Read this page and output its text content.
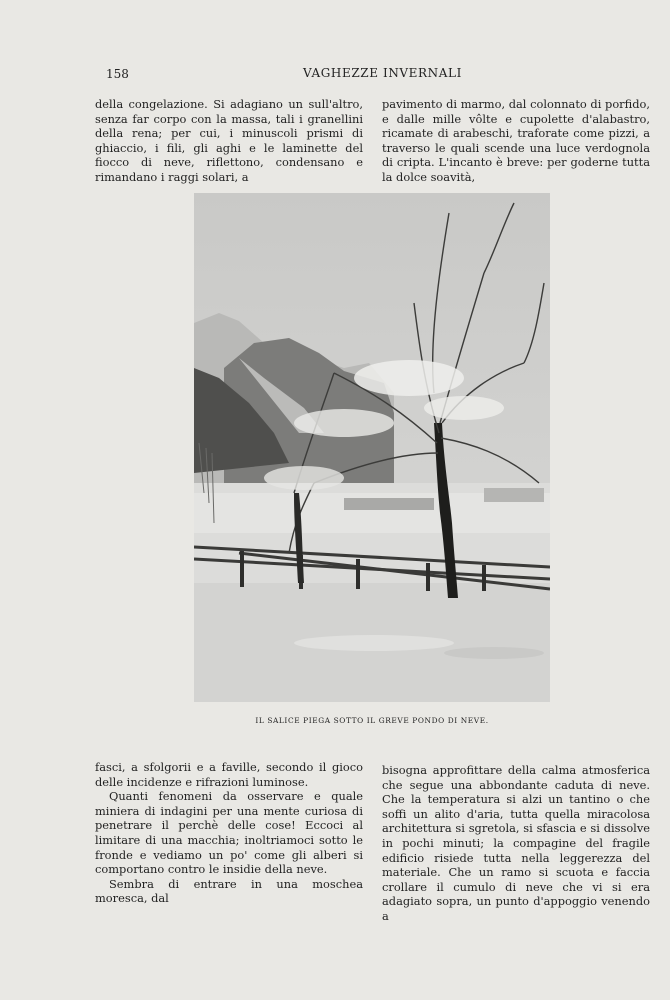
158	VAGHEZZE INVERNALI

della congelazione. Si adagiano un sull'altro, senza far corpo con la massa, tali i granellini della rena; per cui, i minuscoli prismi di ghiaccio, i fili, gli aghi e le laminette del fiocco di neve, riflettono, condensano e rimandano i raggi solari, a

pavimento di marmo, dal colonnato di porfido, e dalle mille vôlte e cupolette d'alabastro, ricamate di arabeschi, traforate come pizzi, a traverso le quali scende una luce verdognola di cripta. L'incanto è breve: per goderne tutta la dolce soavità,

IL SALICE PIEGA SOTTO IL GREVE PONDO DI NEVE.

fasci, a sfolgorii e a faville, secondo il gioco delle incidenze e rifrazioni luminose.

Quanti fenomeni da osservare e quale miniera di indagini per una mente curiosa di penetrare il perchè delle cose! Eccoci al limitare di una macchia; inoltriamoci sotto le fronde e vediamo un po' come gli alberi si comportano contro le insidie della neve.

Sembra di entrare in una moschea moresca, dal

bisogna approfittare della calma atmosferica che segue una abbondante caduta di neve. Che la temperatura si alzi un tantino o che soffi un alito d'aria, tutta quella miracolosa architettura si sgretola, si sfascia e si dissolve in pochi minuti; la compagine del fragile edificio risiede tutta nella leggerezza del materiale. Che un ramo si scuota e faccia crollare il cumulo di neve che vi si era adagiato sopra, un punto d'appoggio venendo a
